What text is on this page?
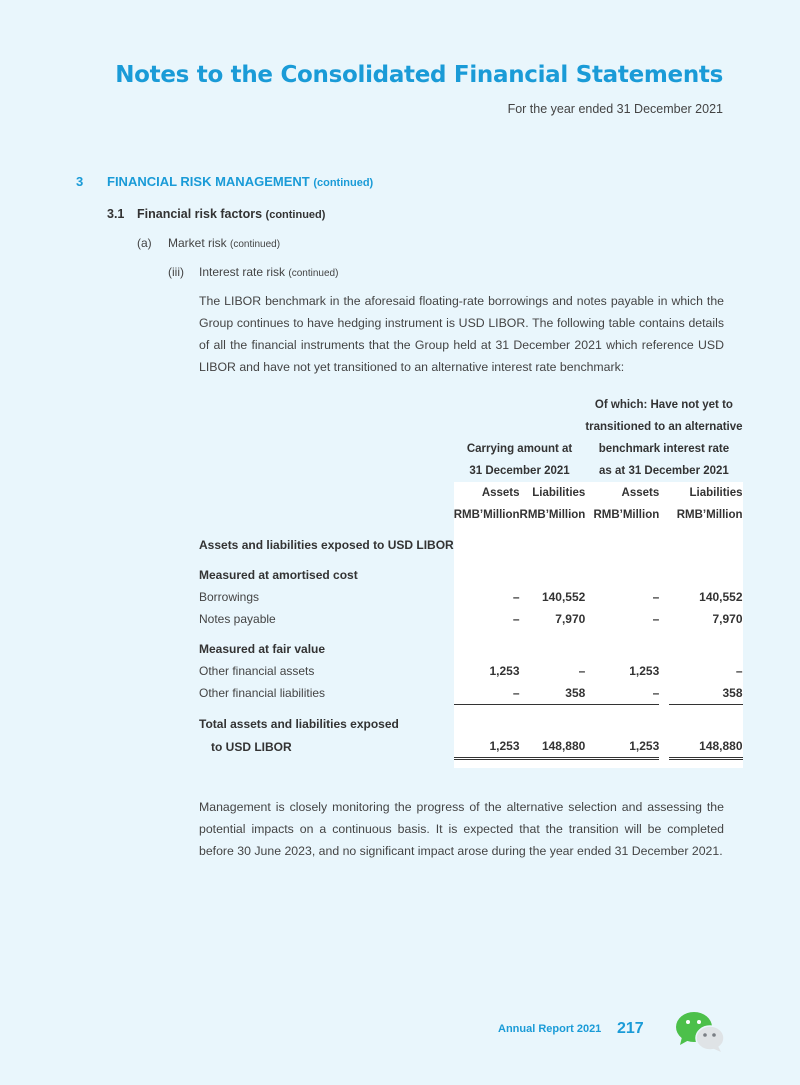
Notes to the Consolidated Financial Statements
For the year ended 31 December 2021
3 FINANCIAL RISK MANAGEMENT (continued)
3.1 Financial risk factors (continued)
(a) Market risk (continued)
(iii) Interest rate risk (continued)

The LIBOR benchmark in the aforesaid floating-rate borrowings and notes payable in which the Group continues to have hedging instrument is USD LIBOR. The following table contains details of all the financial instruments that the Group held at 31 December 2021 which reference USD LIBOR and have not yet transitioned to an alternative interest rate benchmark:

					Of which: Have not yet to		
					transitioned to an alternative		
	Carrying amount at		benchmark interest rate		
	31 December 2021		as at 31 December 2021		
	Assets		Liabilities		Assets		Liabilities
	RMB’Million		RMB’Million		RMB’Million		RMB’Million

Assets and liabilities exposed to USD LIBOR					

Measured at amortised cost					
Borrowings	–		140,552		–		140,552
Notes payable	–		7,970		–		7,970

Measured at fair value					
Other financial assets	1,253		–		1,253		–
Other financial liabilities	–		358		–		358

Total assets and liabilities exposed					
to USD LIBOR	1,253		148,880		1,253		148,880

Management is closely monitoring the progress of the alternative selection and assessing the potential impacts on a continuous basis. It is expected that the transition will be completed before 30 June 2023, and no significant impact arose during the year ended 31 December 2021.

Annual Report 2021 217
